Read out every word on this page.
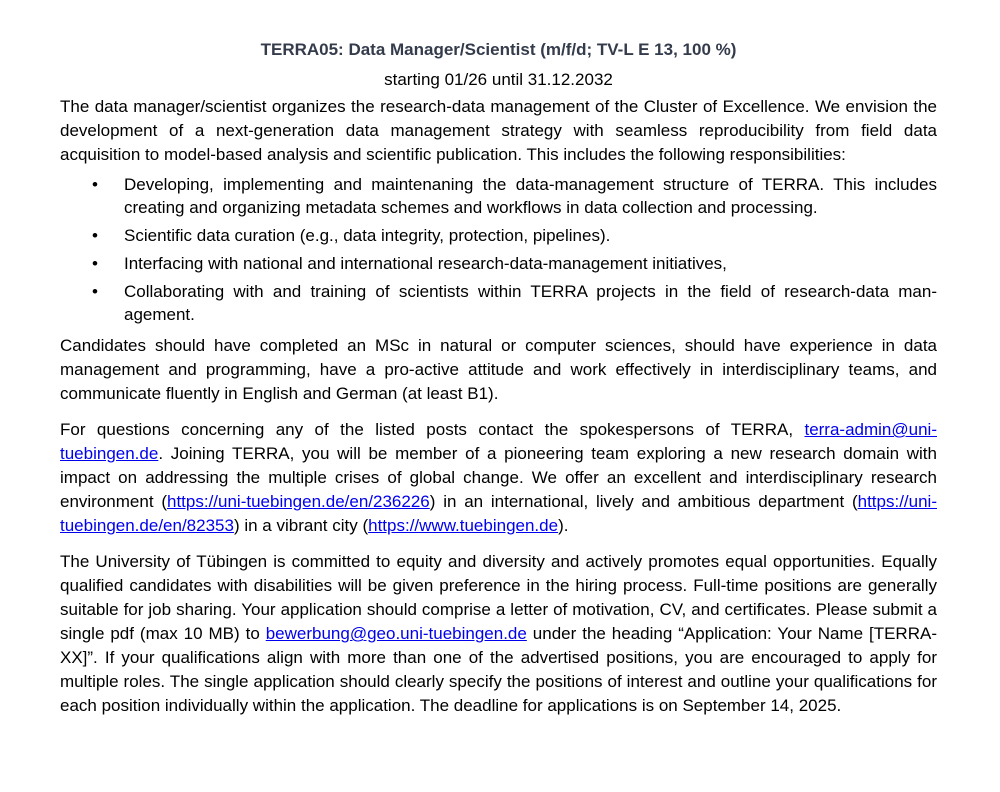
TERRA05: Data Manager/Scientist (m/f/d; TV-L E 13, 100 %)
starting 01/26 until 31.12.2032

The data manager/scientist organizes the research-data management of the Cluster of Excellence. We envision the development of a next-generation data management strategy with seamless reproducibility from field data acquisition to model-based analysis and scientific publication. This includes the following responsibilities:

• Developing, implementing and maintenaning the data-management structure of TERRA. This includes creating and organizing metadata schemes and workflows in data collection and processing.
• Scientific data curation (e.g., data integrity, protection, pipelines).
• Interfacing with national and international research-data-management initiatives,
• Collaborating with and training of scientists within TERRA projects in the field of research-data management.

Candidates should have completed an MSc in natural or computer sciences, should have experience in data management and programming, have a pro-active attitude and work effectively in interdisciplinary teams, and communicate fluently in English and German (at least B1).

For questions concerning any of the listed posts contact the spokespersons of TERRA, terra-admin@uni-tuebingen.de. Joining TERRA, you will be member of a pioneering team exploring a new research domain with impact on addressing the multiple crises of global change. We offer an excellent and interdisciplinary research environment (https://uni-tuebingen.de/en/236226) in an international, lively and ambitious department (https://uni-tuebingen.de/en/82353) in a vibrant city (https://www.tuebingen.de).

The University of Tübingen is committed to equity and diversity and actively promotes equal opportunities. Equally qualified candidates with disabilities will be given preference in the hiring process. Full-time positions are generally suitable for job sharing. Your application should comprise a letter of motivation, CV, and certificates. Please submit a single pdf (max 10 MB) to bewerbung@geo.uni-tuebingen.de under the heading “Application: Your Name [TERRA-XX]”. If your qualifications align with more than one of the advertised positions, you are encouraged to apply for multiple roles. The single application should clearly specify the positions of interest and outline your qualifications for each position individually within the application. The deadline for applications is on September 14, 2025.
